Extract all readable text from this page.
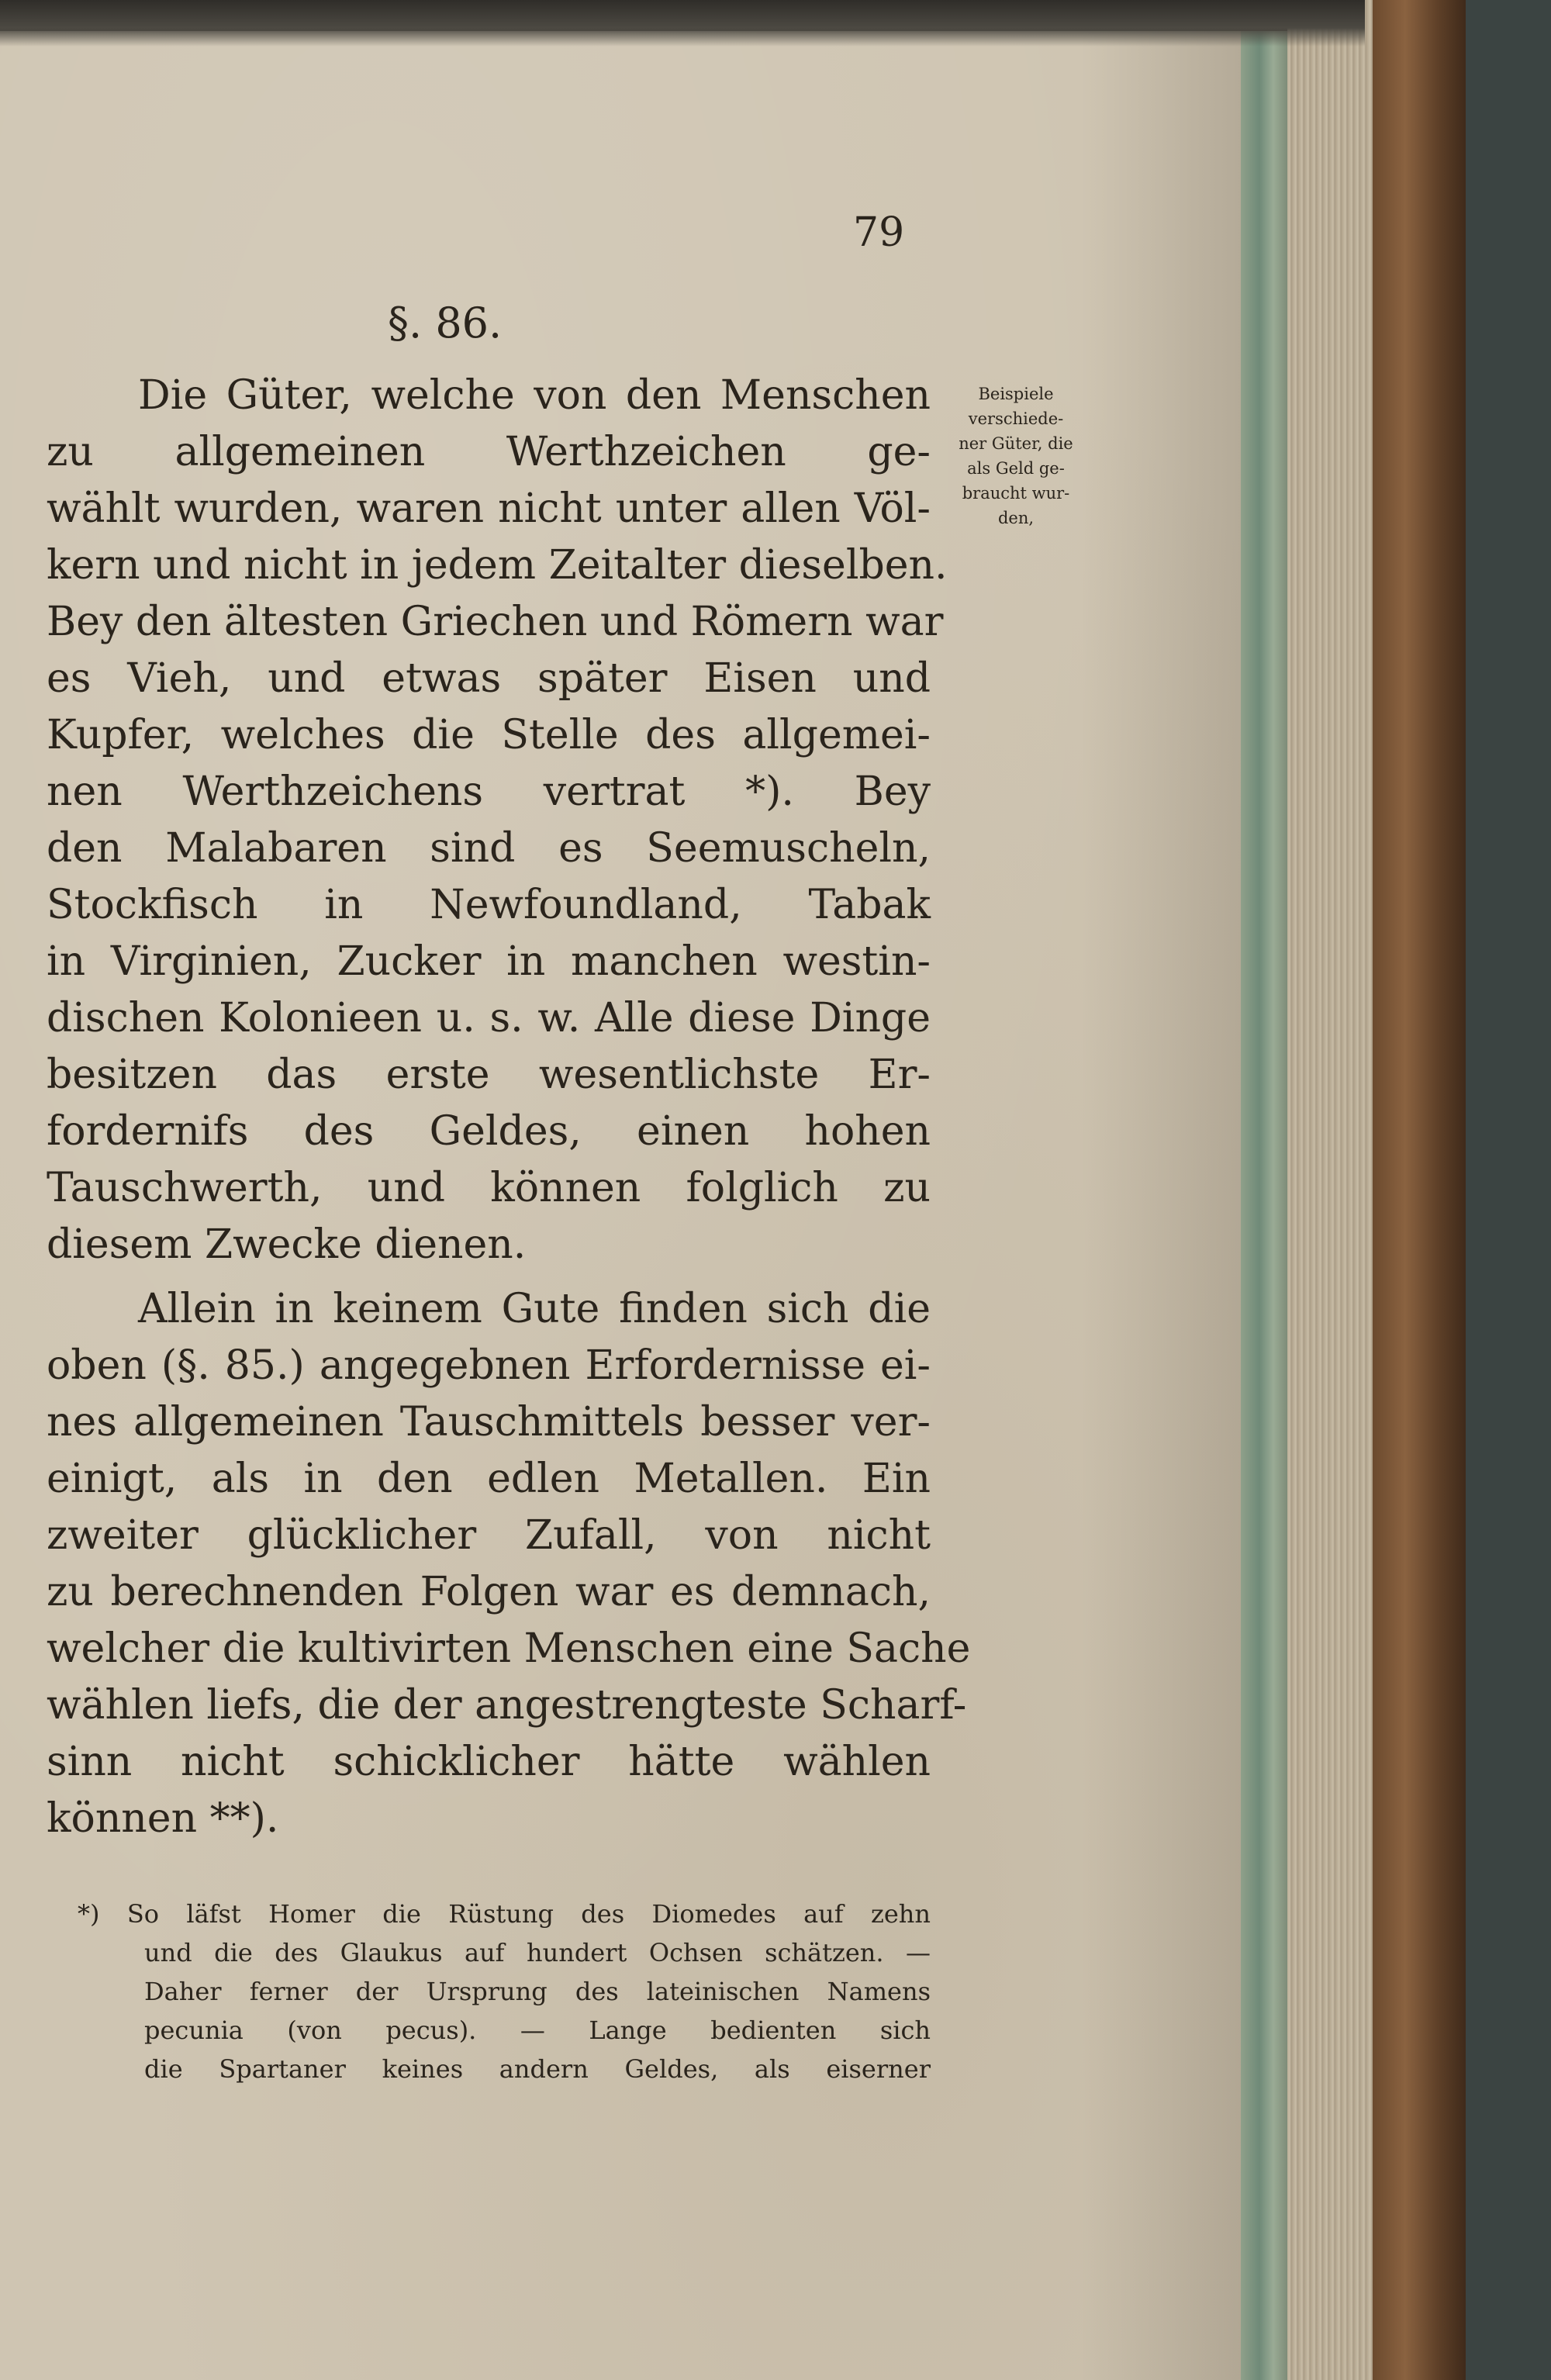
79
§. 86.
Beispiele
verschiede-
ner Güter, die
als Geld ge-
braucht wur-
den,
Die Güter, welche von den Menschen
zu allgemeinen Werthzeichen ge-
wählt wurden, waren nicht unter allen Völ-
kern und nicht in jedem Zeitalter dieselben.
Bey den ältesten Griechen und Römern war
es Vieh, und etwas später Eisen und
Kupfer, welches die Stelle des allgemei-
nen Werthzeichens vertrat *). Bey
den Malabaren sind es Seemuscheln,
Stockfisch in Newfoundland, Tabak
in Virginien, Zucker in manchen westin-
dischen Kolonieen u. s. w. Alle diese Dinge
besitzen das erste wesentlichste Er-
fordernifs des Geldes, einen hohen
Tauschwerth, und können folglich zu
diesem Zwecke dienen.
Allein in keinem Gute finden sich die
oben (§. 85.) angegebnen Erfordernisse ei-
nes allgemeinen Tauschmittels besser ver-
einigt, als in den edlen Metallen. Ein
zweiter glücklicher Zufall, von nicht
zu berechnenden Folgen war es demnach,
welcher die kultivirten Menschen eine Sache
wählen liefs, die der angestrengteste Scharf-
sinn nicht schicklicher hätte wählen
können **).
*) So läfst Homer die Rüstung des Diomedes auf zehn
und die des Glaukus auf hundert Ochsen schätzen. —
Daher ferner der Ursprung des lateinischen Namens
pecunia (von pecus). — Lange bedienten sich
die Spartaner keines andern Geldes, als eiserner
